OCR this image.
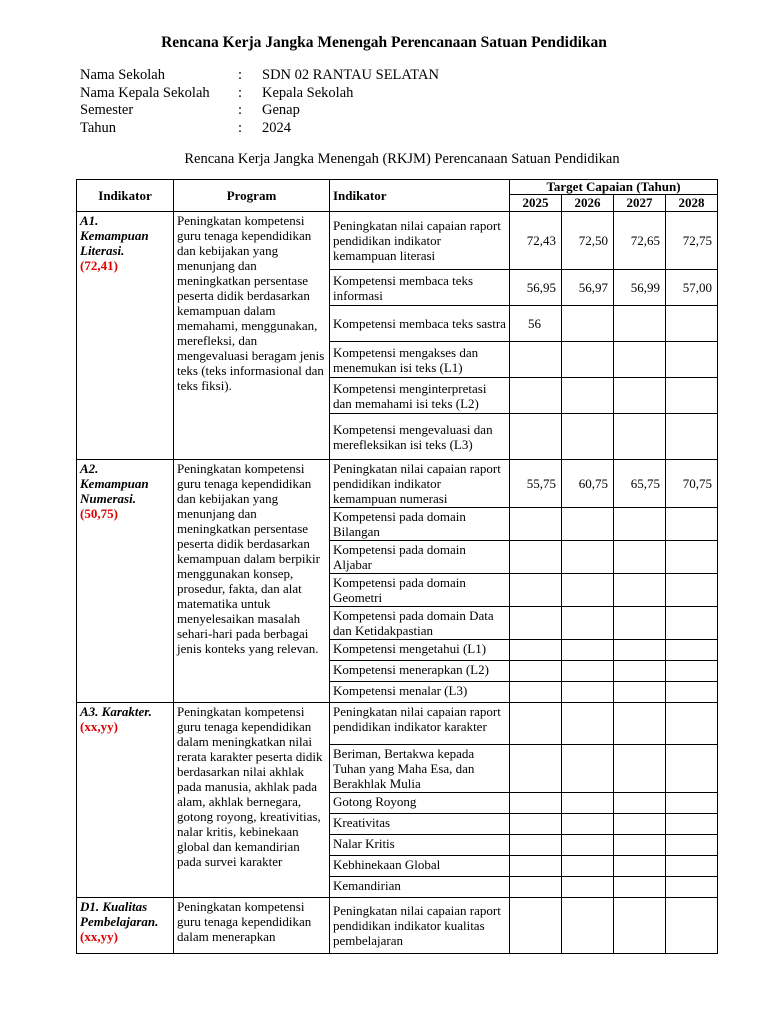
Rencana Kerja Jangka Menengah Perencanaan Satuan Pendidikan
Nama Sekolah	:	SDN 02 RANTAU SELATAN
Nama Kepala Sekolah	:	Kepala Sekolah
Semester	:	Genap
Tahun	:	2024
Rencana Kerja Jangka Menengah (RKJM) Perencanaan Satuan Pendidikan
Indikator	Program	Indikator	Target Capaian (Tahun)			
			2025	2026	2027	2028

A1. Kemampuan Literasi.
(72,41)	Peningkatan kompetensi guru tenaga kependidikan dan kebijakan yang menunjang dan meningkatkan persentase peserta didik berdasarkan kemampuan dalam memahami, menggunakan, merefleksi, dan mengevaluasi beragam jenis teks (teks informasional dan teks fiksi).	Peningkatan nilai capaian raport pendidikan indikator kemampuan literasi	72,43	72,50	72,65	72,75
		Kompetensi membaca teks informasi	56,95	56,97	56,99	57,00
		Kompetensi membaca teks sastra	56			
		Kompetensi mengakses dan menemukan isi teks (L1)				
		Kompetensi menginterpretasi dan memahami isi teks (L2)				
		Kompetensi mengevaluasi dan merefleksikan isi teks (L3)				

A2. Kemampuan Numerasi.
(50,75)	Peningkatan kompetensi guru tenaga kependidikan dan kebijakan yang menunjang dan meningkatkan persentase peserta didik berdasarkan kemampuan dalam berpikir menggunakan konsep, prosedur, fakta, dan alat matematika untuk menyelesaikan masalah sehari-hari pada berbagai jenis konteks yang relevan.	Peningkatan nilai capaian raport pendidikan indikator kemampuan numerasi	55,75	60,75	65,75	70,75
		Kompetensi pada domain Bilangan				
		Kompetensi pada domain Aljabar				
		Kompetensi pada domain Geometri				
		Kompetensi pada domain Data dan Ketidakpastian				
		Kompetensi mengetahui (L1)				
		Kompetensi menerapkan (L2)				
		Kompetensi menalar (L3)				

A3. Karakter.
(xx,yy)	Peningkatan kompetensi guru tenaga kependidikan dalam meningkatkan nilai rerata karakter peserta didik berdasarkan nilai akhlak pada manusia, akhlak pada alam, akhlak bernegara, gotong royong, kreativitias, nalar kritis, kebinekaan global dan kemandirian pada survei karakter	Peningkatan nilai capaian raport pendidikan indikator karakter				
		Beriman, Bertakwa kepada Tuhan yang Maha Esa, dan Berakhlak Mulia				
		Gotong Royong				
		Kreativitas				
		Nalar Kritis				
		Kebhinekaan Global				
		Kemandirian				

D1. Kualitas Pembelajaran.
(xx,yy)	Peningkatan kompetensi guru tenaga kependidikan dalam menerapkan	Peningkatan nilai capaian raport pendidikan indikator kualitas pembelajaran				
